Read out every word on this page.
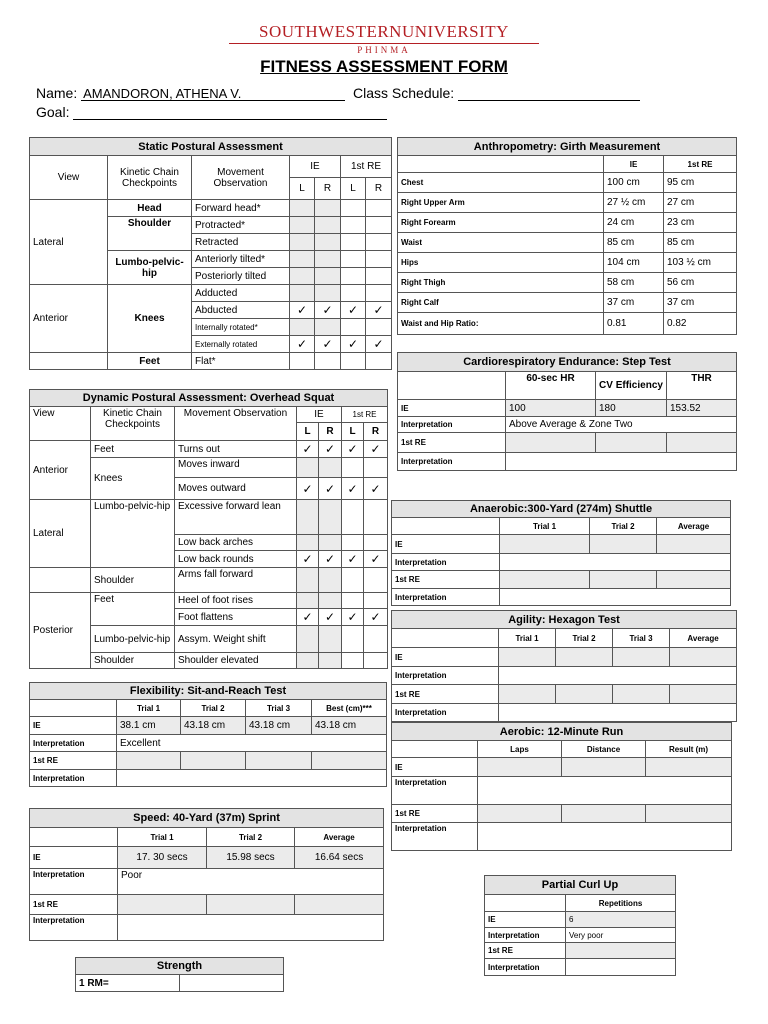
SOUTHWESTERNUNIVERSITY
PHINMA
FITNESS ASSESSMENT FORM
Name: AMANDORON, ATHENA V.	Class Schedule:
Goal:
Static Postural Assessment						
View	Kinetic Chain Checkpoints	Movement Observation	IE		1st RE	
			L	R	L	R
Lateral	Head	Forward head*				
	Shoulder	Protracted*				
		Retracted				
	Lumbo-pelvic-hip	Anteriorly tilted*				
		Posteriorly tilted				
Anterior	Knees	Adducted				
		Abducted	✓	✓	✓	✓
		Internally rotated*				
		Externally rotated	✓	✓	✓	✓
	Feet	Flat*				
Dynamic Postural Assessment: Overhead Squat						
View	Kinetic Chain Checkpoints	Movement Observation	IE		1st RE	
			L	R	L	R
Anterior	Feet	Turns out	✓	✓	✓	✓
	Knees	Moves inward				
		Moves outward	✓	✓	✓	✓
Lateral	Lumbo-pelvic-hip	Excessive forward lean				
		Low back arches				
		Low back rounds	✓	✓	✓	✓
	Shoulder	Arms fall forward				
Posterior	Feet	Heel of foot rises				
		Foot flattens	✓	✓	✓	✓
	Lumbo-pelvic-hip	Assym. Weight shift				
	Shoulder	Shoulder elevated				
Anthropometry: Girth Measurement		
	IE	1st RE
Chest	100 cm	95 cm
Right Upper Arm	27 ½ cm	27 cm
Right Forearm	24 cm	23 cm
Waist	85 cm	85 cm
Hips	104 cm	103 ½ cm
Right Thigh	58 cm	56 cm
Right Calf	37 cm	37 cm
Waist and Hip Ratio:	0.81	0.82
Cardiorespiratory Endurance: Step Test			
	60-sec HR	CV Efficiency	THR
IE	100	180	153.52
Interpretation	Above Average & Zone Two		
1st RE			
Interpretation			
Anaerobic:300-Yard (274m) Shuttle			
	Trial 1	Trial 2	Average
IE			
Interpretation			
1st RE			
Interpretation			
Agility: Hexagon Test				
	Trial 1	Trial 2	Trial 3	Average
IE				
Interpretation				
1st RE				
Interpretation				
Aerobic: 12-Minute Run			
	Laps	Distance	Result (m)
IE			
Interpretation			
1st RE			
Interpretation			
Flexibility: Sit-and-Reach Test				
	Trial 1	Trial 2	Trial 3	Best (cm)***
IE	38.1 cm	43.18 cm	43.18 cm	43.18 cm
Interpretation	Excellent			
1st RE				
Interpretation				
Speed: 40-Yard (37m) Sprint			
	Trial 1	Trial 2	Average
IE	17. 30 secs	15.98 secs	16.64 secs
Interpretation	Poor		
1st RE			
Interpretation			
Partial Curl Up	
	Repetitions
IE	6
Interpretation	Very poor
1st RE	
Interpretation	
Strength
1 RM=	
